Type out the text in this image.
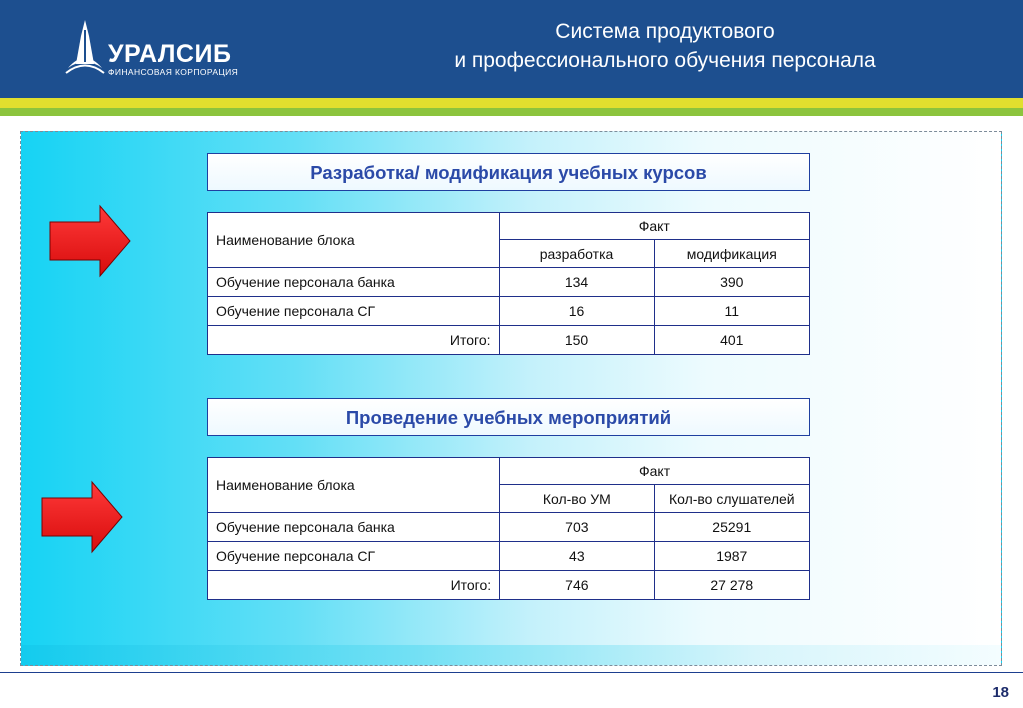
УРАЛСИБ
ФИНАНСОВАЯ КОРПОРАЦИЯ
Система продуктового
и профессионального обучения персонала
Разработка/ модификация учебных курсов
Наименование блока	Факт	
	разработка	модификация
Обучение персонала банка	134	390
Обучение персонала СГ	16	11
Итого:	150	401
Проведение учебных мероприятий
Наименование блока	Факт	
	Кол-во УМ	Кол-во слушателей
Обучение персонала банка	703	25291
Обучение персонала СГ	43	1987
Итого:	746	27 278
18
